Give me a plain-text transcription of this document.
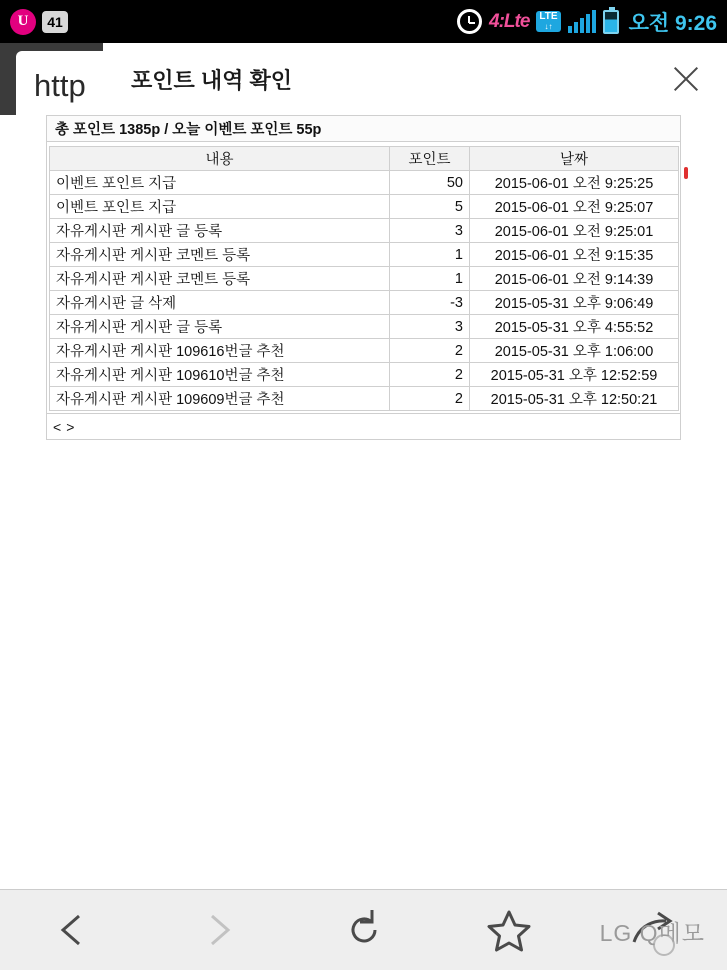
U	41	4:Lte	LTE
↓↑	오전 9:26
http 포인트 내역 확인
총 포인트 1385p / 오늘 이벤트 포인트 55p
내용	포인트	날짜
이벤트 포인트 지급	50	2015-06-01 오전 9:25:25
이벤트 포인트 지급	5	2015-06-01 오전 9:25:07
자유게시판 게시판 글 등록	3	2015-06-01 오전 9:25:01
자유게시판 게시판 코멘트 등록	1	2015-06-01 오전 9:15:35
자유게시판 게시판 코멘트 등록	1	2015-06-01 오전 9:14:39
자유게시판 글 삭제	-3	2015-05-31 오후 9:06:49
자유게시판 게시판 글 등록	3	2015-05-31 오후 4:55:52
자유게시판 게시판 109616번글 추천	2	2015-05-31 오후 1:06:00
자유게시판 게시판 109610번글 추천	2	2015-05-31 오후 12:52:59
자유게시판 게시판 109609번글 추천	2	2015-05-31 오후 12:50:21
< >
LG Q메모
